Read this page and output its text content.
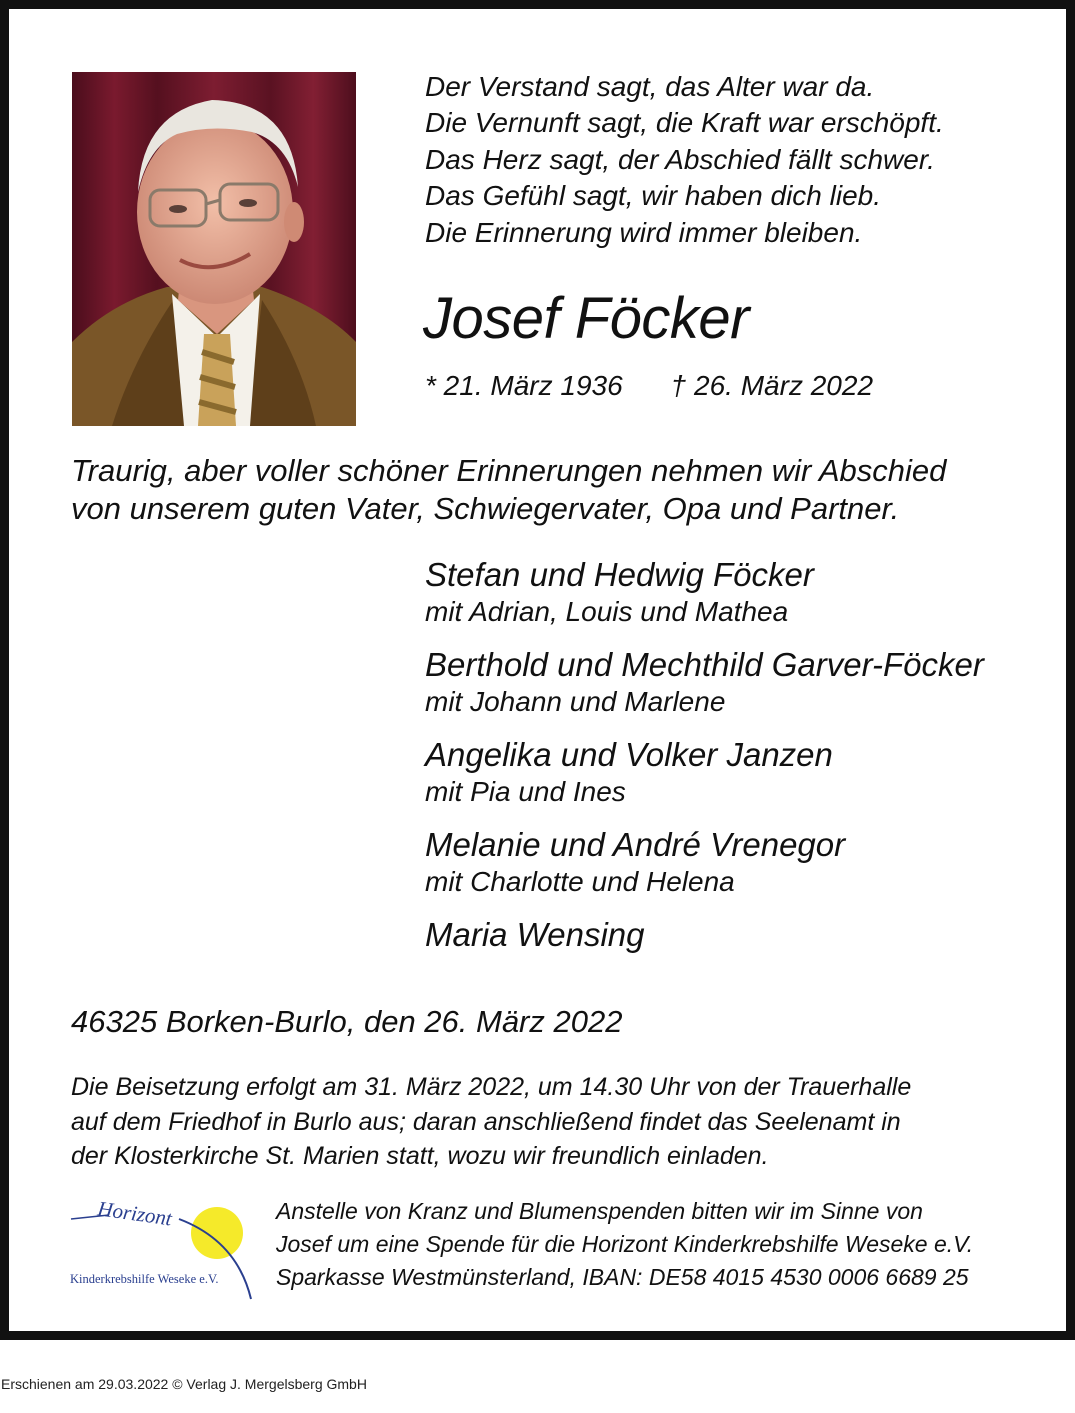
Der Verstand sagt, das Alter war da.
Die Vernunft sagt, die Kraft war erschöpft.
Das Herz sagt, der Abschied fällt schwer.
Das Gefühl sagt, wir haben dich lieb.
Die Erinnerung wird immer bleiben.
Josef Föcker
* 21. März 1936 † 26. März 2022
Traurig, aber voller schöner Erinnerungen nehmen wir Abschied
von unserem guten Vater, Schwiegervater, Opa und Partner.
Stefan und Hedwig Föcker
mit Adrian, Louis und Mathea
Berthold und Mechthild Garver-Föcker
mit Johann und Marlene
Angelika und Volker Janzen
mit Pia und Ines
Melanie und André Vrenegor
mit Charlotte und Helena
Maria Wensing
46325 Borken-Burlo, den 26. März 2022
Die Beisetzung erfolgt am 31. März 2022, um 14.30 Uhr von der Trauerhalle
auf dem Friedhof in Burlo aus; daran anschließend findet das Seelenamt in
der Klosterkirche St. Marien statt, wozu wir freundlich einladen.
Horizont
Kinderkrebshilfe Weseke e.V.
Anstelle von Kranz und Blumenspenden bitten wir im Sinne von
Josef um eine Spende für die Horizont Kinderkrebshilfe Weseke e.V.
Sparkasse Westmünsterland, IBAN: DE58 4015 4530 0006 6689 25
Erschienen am 29.03.2022 © Verlag J. Mergelsberg GmbH
